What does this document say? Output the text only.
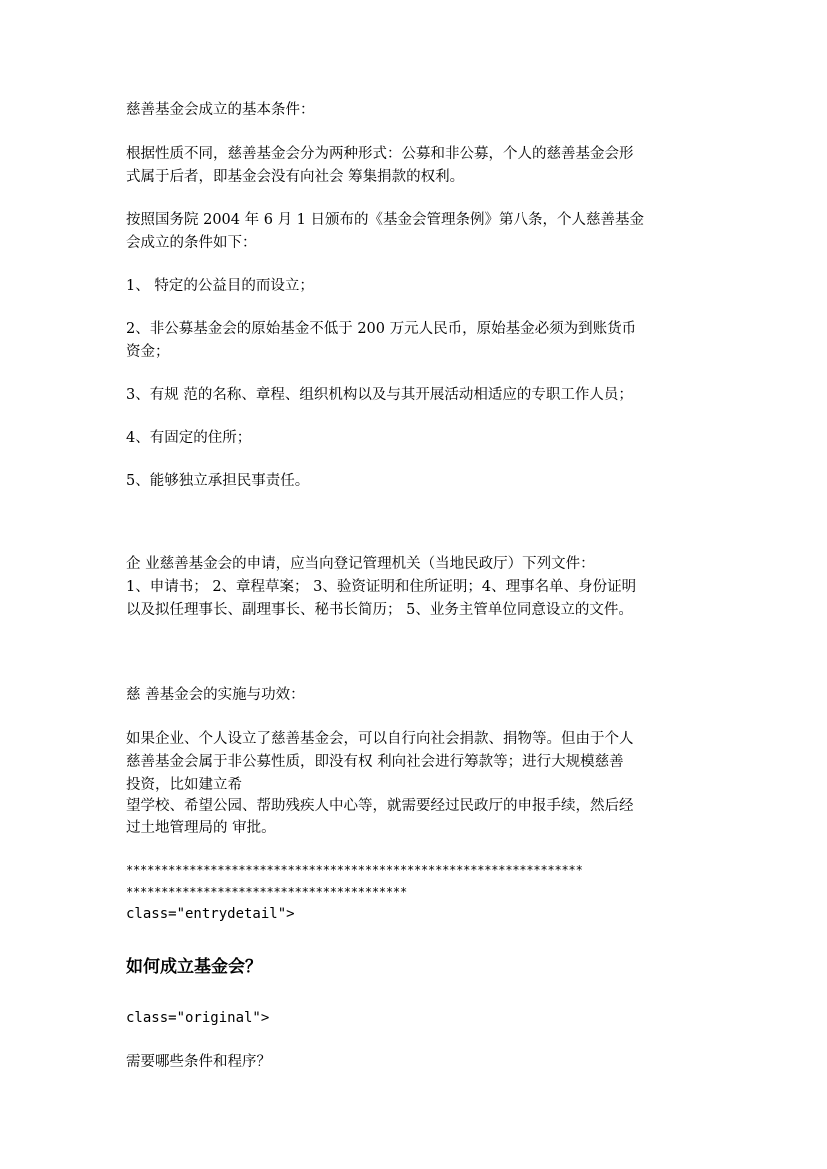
慈善基金会成立的基本条件：
根据性质不同，慈善基金会分为两种形式：公募和非公募，个人的慈善基金会形
式属于后者，即基金会没有向社会 筹集捐款的权利。
按照国务院 2004 年 6 月 1 日颁布的《基金会管理条例》第八条，个人慈善基金
会成立的条件如下：
1、 特定的公益目的而设立；
2、非公募基金会的原始基金不低于 200 万元人民币，原始基金必须为到账货币
资金；
3、有规 范的名称、章程、组织机构以及与其开展活动相适应的专职工作人员；
4、有固定的住所；
5、能够独立承担民事责任。
企 业慈善基金会的申请，应当向登记管理机关（当地民政厅）下列文件：
1、申请书； 2、章程草案； 3、验资证明和住所证明；4、理事名单、身份证明
以及拟任理事长、副理事长、秘书长简历； 5、业务主管单位同意设立的文件。
慈 善基金会的实施与功效：
如果企业、个人设立了慈善基金会，可以自行向社会捐款、捐物等。但由于个人
慈善基金会属于非公募性质，即没有权 利向社会进行筹款等；进行大规模慈善
投资，比如建立希
望学校、希望公园、帮助残疾人中心等，就需要经过民政厅的申报手续，然后经
过土地管理局的 审批。
*****************************************************************
****************************************
class="entrydetail">
如何成立基金会？
class="original">
需要哪些条件和程序？
